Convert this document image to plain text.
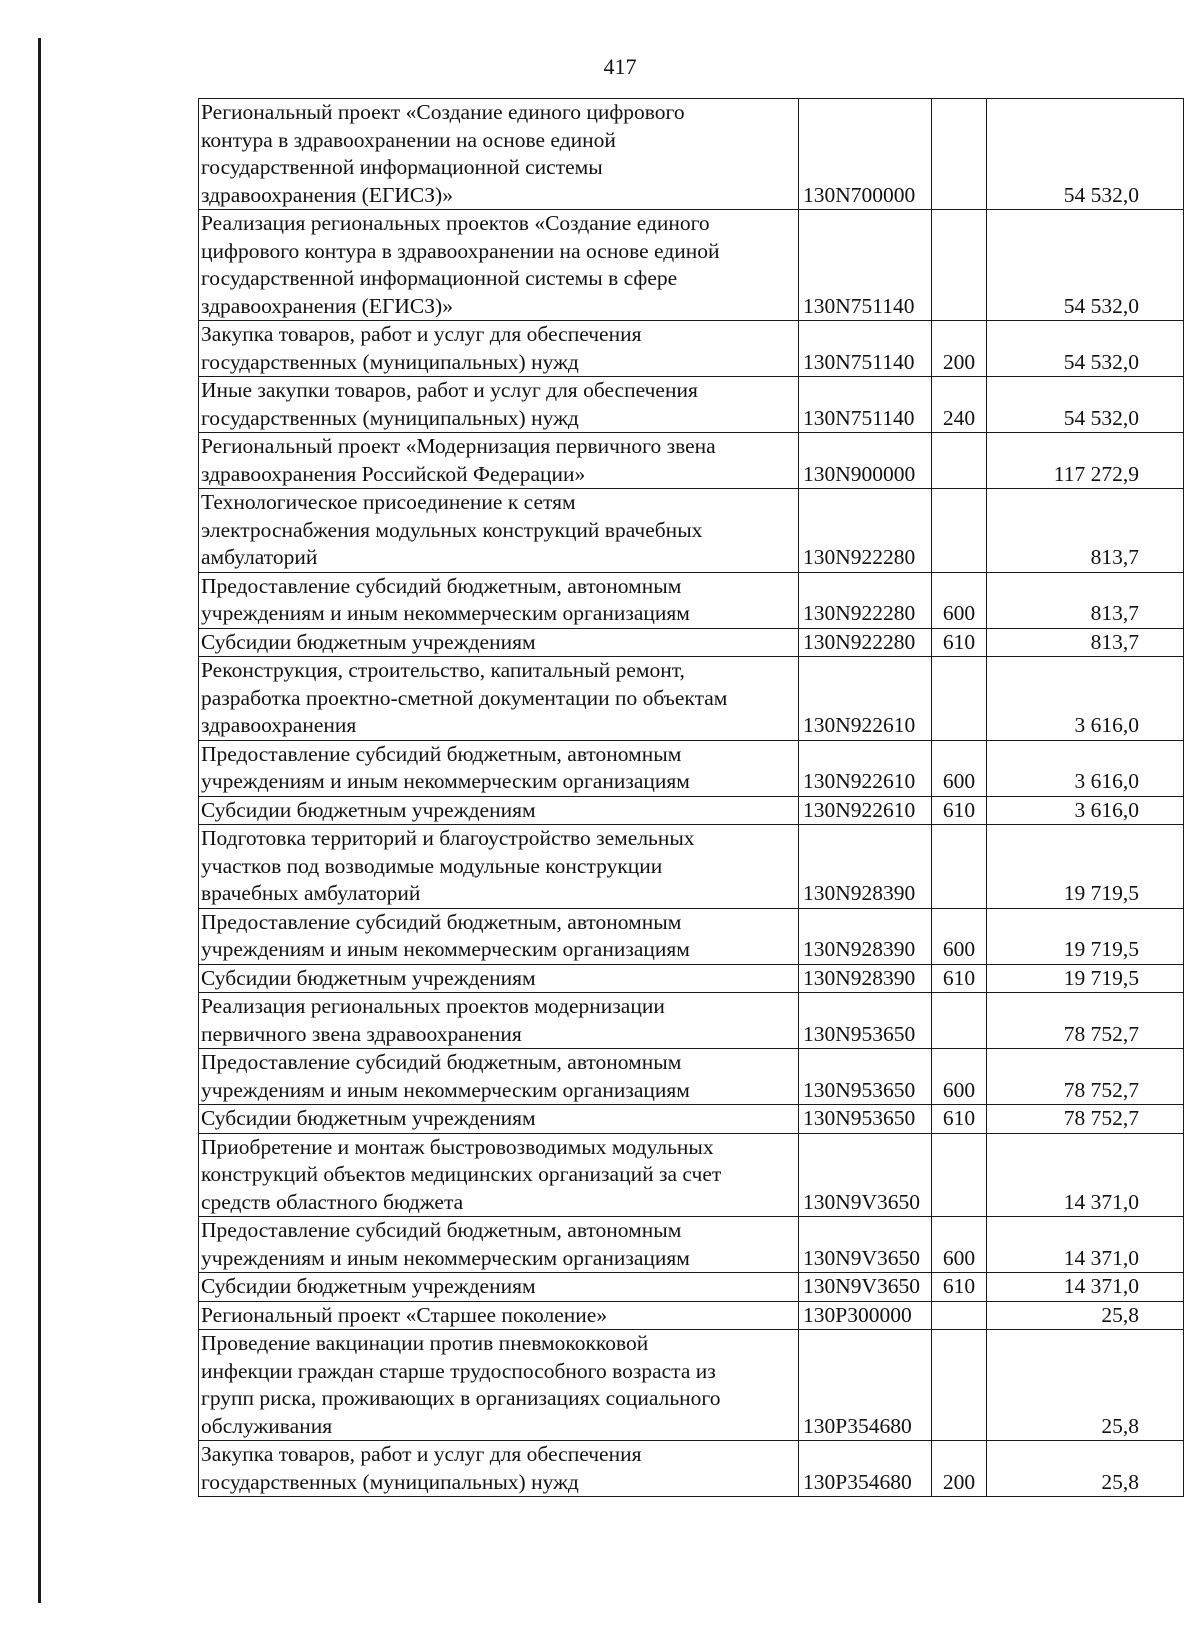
417
Региональный проект «Создание единого цифрового
контура в здравоохранении на основе единой
государственной информационной системы
здравоохранения (ЕГИСЗ)»	130N700000		54 532,0
Реализация региональных проектов «Создание единого
цифрового контура в здравоохранении на основе единой
государственной информационной системы в сфере
здравоохранения (ЕГИСЗ)»	130N751140		54 532,0
Закупка товаров, работ и услуг для обеспечения
государственных (муниципальных) нужд	130N751140	200	54 532,0
Иные закупки товаров, работ и услуг для обеспечения
государственных (муниципальных) нужд	130N751140	240	54 532,0
Региональный проект «Модернизация первичного звена
здравоохранения Российской Федерации»	130N900000		117 272,9
Технологическое присоединение к сетям
электроснабжения модульных конструкций врачебных
амбулаторий	130N922280		813,7
Предоставление субсидий бюджетным, автономным
учреждениям и иным некоммерческим организациям	130N922280	600	813,7
Субсидии бюджетным учреждениям	130N922280	610	813,7
Реконструкция, строительство, капитальный ремонт,
разработка проектно-сметной документации по объектам
здравоохранения	130N922610		3 616,0
Предоставление субсидий бюджетным, автономным
учреждениям и иным некоммерческим организациям	130N922610	600	3 616,0
Субсидии бюджетным учреждениям	130N922610	610	3 616,0
Подготовка территорий и благоустройство земельных
участков под возводимые модульные конструкции
врачебных амбулаторий	130N928390		19 719,5
Предоставление субсидий бюджетным, автономным
учреждениям и иным некоммерческим организациям	130N928390	600	19 719,5
Субсидии бюджетным учреждениям	130N928390	610	19 719,5
Реализация региональных проектов модернизации
первичного звена здравоохранения	130N953650		78 752,7
Предоставление субсидий бюджетным, автономным
учреждениям и иным некоммерческим организациям	130N953650	600	78 752,7
Субсидии бюджетным учреждениям	130N953650	610	78 752,7
Приобретение и монтаж быстровозводимых модульных
конструкций объектов медицинских организаций за счет
средств областного бюджета	130N9V3650		14 371,0
Предоставление субсидий бюджетным, автономным
учреждениям и иным некоммерческим организациям	130N9V3650	600	14 371,0
Субсидии бюджетным учреждениям	130N9V3650	610	14 371,0
Региональный проект «Старшее поколение»	130P300000		25,8
Проведение вакцинации против пневмококковой
инфекции граждан старше трудоспособного возраста из
групп риска, проживающих в организациях социального
обслуживания	130P354680		25,8
Закупка товаров, работ и услуг для обеспечения
государственных (муниципальных) нужд	130P354680	200	25,8
